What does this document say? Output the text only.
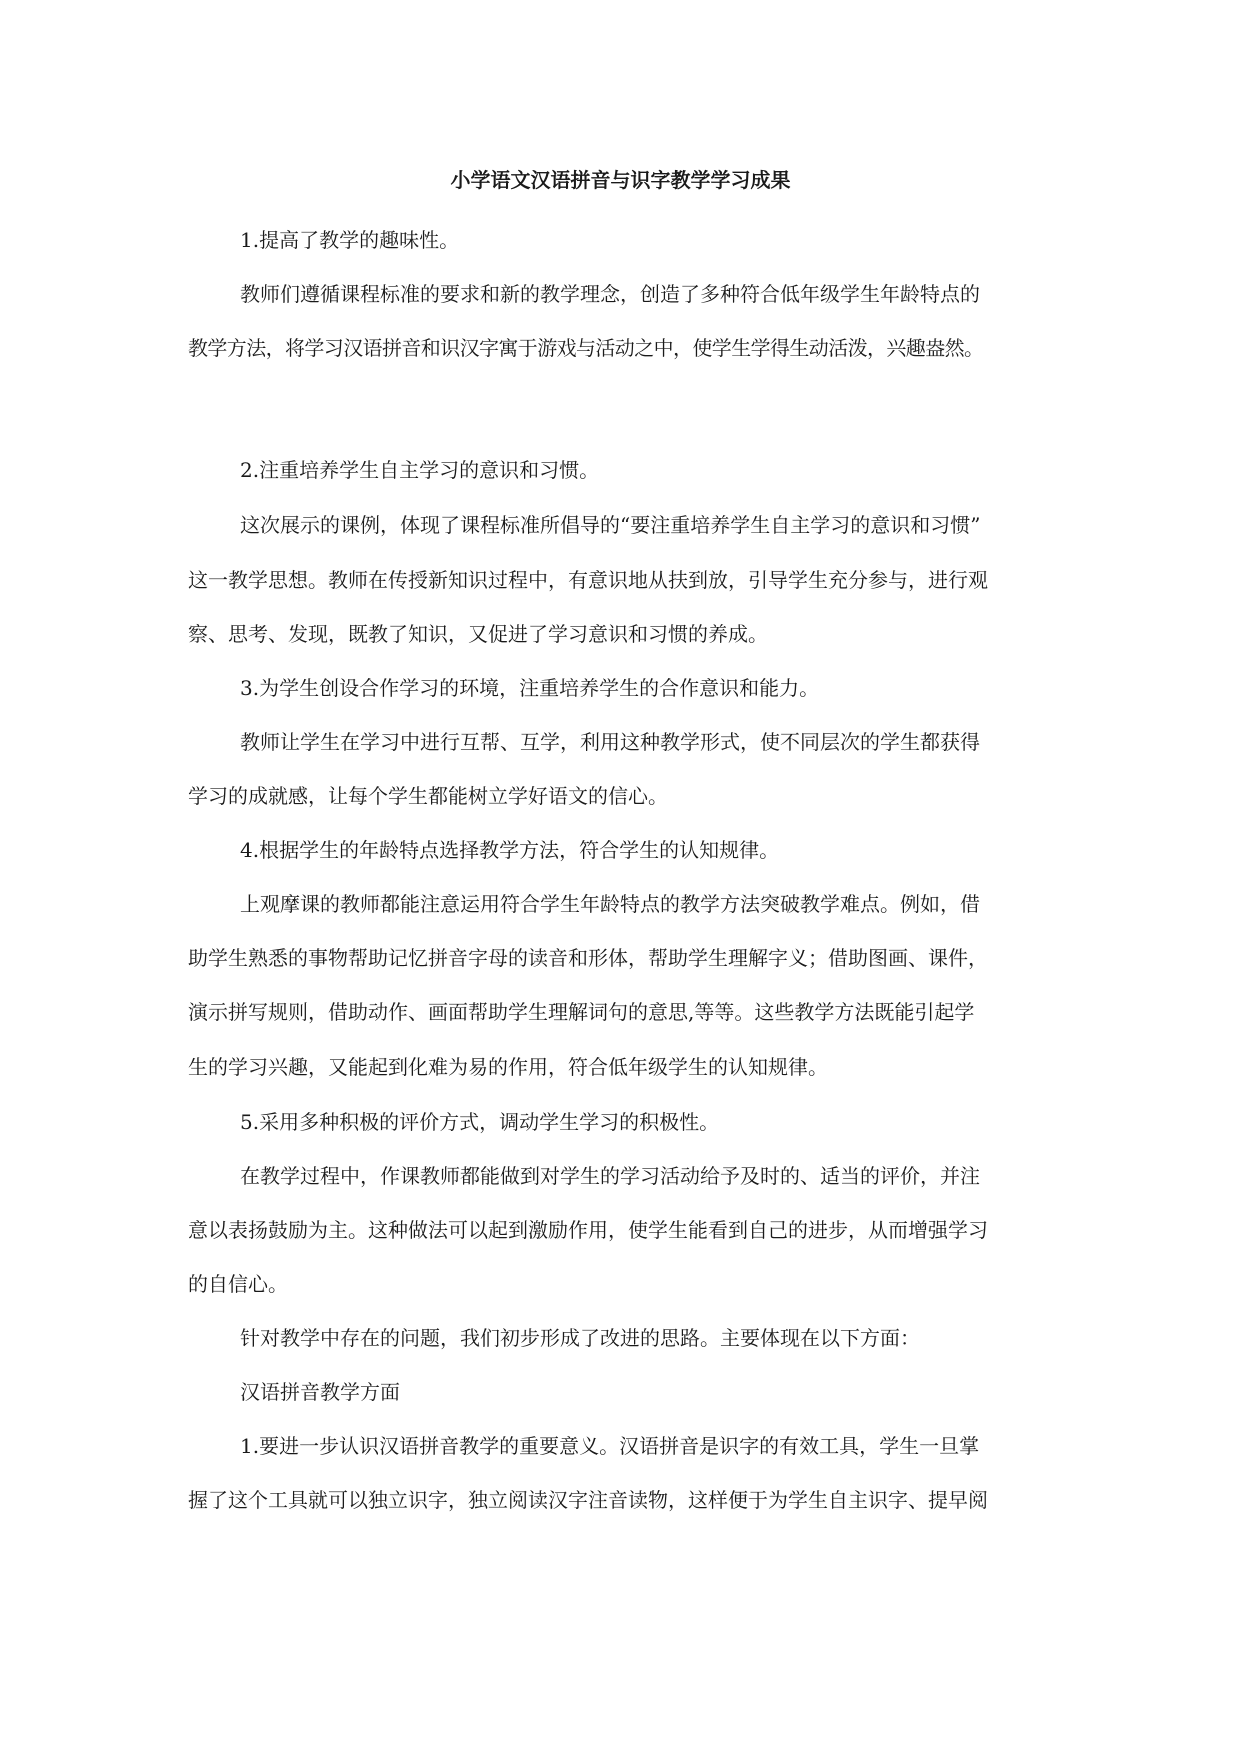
小学语文汉语拼音与识字教学学习成果

1.提高了教学的趣味性。

教师们遵循课程标准的要求和新的教学理念，创造了多种符合低年级学生年龄特点的

教学方法，将学习汉语拼音和识汉字寓于游戏与活动之中，使学生学得生动活泼，兴趣盎然。

2.注重培养学生自主学习的意识和习惯。

这次展示的课例，体现了课程标准所倡导的“要注重培养学生自主学习的意识和习惯”

这一教学思想。教师在传授新知识过程中，有意识地从扶到放，引导学生充分参与，进行观

察、思考、发现，既教了知识，又促进了学习意识和习惯的养成。

3.为学生创设合作学习的环境，注重培养学生的合作意识和能力。

教师让学生在学习中进行互帮、互学，利用这种教学形式，使不同层次的学生都获得

学习的成就感，让每个学生都能树立学好语文的信心。

4.根据学生的年龄特点选择教学方法，符合学生的认知规律。

上观摩课的教师都能注意运用符合学生年龄特点的教学方法突破教学难点。例如，借

助学生熟悉的事物帮助记忆拼音字母的读音和形体，帮助学生理解字义；借助图画、课件，

演示拼写规则，借助动作、画面帮助学生理解词句的意思,等等。这些教学方法既能引起学

生的学习兴趣，又能起到化难为易的作用，符合低年级学生的认知规律。

5.采用多种积极的评价方式，调动学生学习的积极性。

在教学过程中，作课教师都能做到对学生的学习活动给予及时的、适当的评价，并注

意以表扬鼓励为主。这种做法可以起到激励作用，使学生能看到自己的进步，从而增强学习

的自信心。

针对教学中存在的问题，我们初步形成了改进的思路。主要体现在以下方面：

汉语拼音教学方面

1.要进一步认识汉语拼音教学的重要意义。汉语拼音是识字的有效工具，学生一旦掌

握了这个工具就可以独立识字，独立阅读汉字注音读物，这样便于为学生自主识字、提早阅
